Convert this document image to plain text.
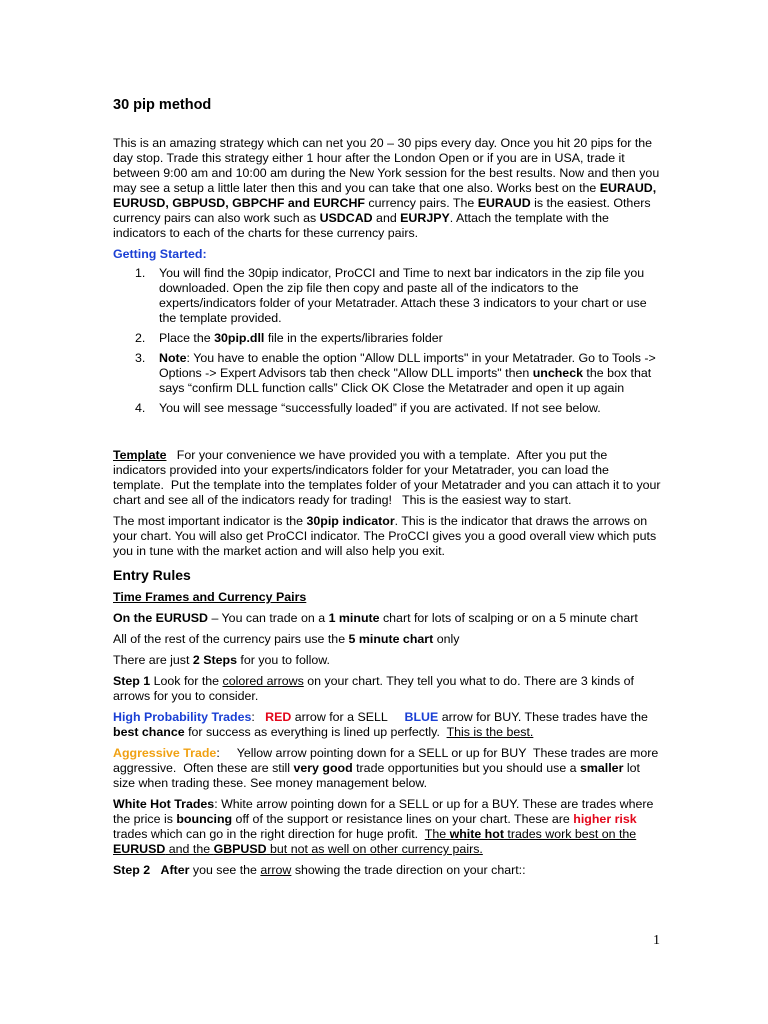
30 pip method

This is an amazing strategy which can net you 20 – 30 pips every day. Once you hit 20 pips for the day stop. Trade this strategy either 1 hour after the London Open or if you are in USA, trade it between 9:00 am and 10:00 am during the New York session for the best results. Now and then you may see a setup a little later then this and you can take that one also. Works best on the EURAUD, EURUSD, GBPUSD, GBPCHF and EURCHF currency pairs. The EURAUD is the easiest. Others currency pairs can also work such as USDCAD and EURJPY. Attach the template with the indicators to each of the charts for these currency pairs.

Getting Started:
1. You will find the 30pip indicator, ProCCI and Time to next bar indicators in the zip file you downloaded. Open the zip file then copy and paste all of the indicators to the experts/indicators folder of your Metatrader. Attach these 3 indicators to your chart or use the template provided.
2. Place the 30pip.dll file in the experts/libraries folder
3. Note: You have to enable the option "Allow DLL imports" in your Metatrader. Go to Tools -> Options -> Expert Advisors tab then check "Allow DLL imports" then uncheck the box that says “confirm DLL function calls” Click OK Close the Metatrader and open it up again
4. You will see message “successfully loaded” if you are activated. If not see below.

Template   For your convenience we have provided you with a template.  After you put the indicators provided into your experts/indicators folder for your Metatrader, you can load the template.  Put the template into the templates folder of your Metatrader and you can attach it to your chart and see all of the indicators ready for trading!   This is the easiest way to start.

The most important indicator is the 30pip indicator. This is the indicator that draws the arrows on your chart. You will also get ProCCI indicator. The ProCCI gives you a good overall view which puts you in tune with the market action and will also help you exit.

Entry Rules
Time Frames and Currency Pairs
On the EURUSD – You can trade on a 1 minute chart for lots of scalping or on a 5 minute chart
All of the rest of the currency pairs use the 5 minute chart only
There are just 2 Steps for you to follow.

Step 1 Look for the colored arrows on your chart. They tell you what to do. There are 3 kinds of arrows for you to consider.

High Probability Trades:   RED arrow for a SELL     BLUE arrow for BUY. These trades have the best chance for success as everything is lined up perfectly.  This is the best.

Aggressive Trade:     Yellow arrow pointing down for a SELL or up for BUY  These trades are more aggressive.  Often these are still very good trade opportunities but you should use a smaller lot size when trading these. See money management below.

White Hot Trades: White arrow pointing down for a SELL or up for a BUY. These are trades where the price is bouncing off of the support or resistance lines on your chart. These are higher risk trades which can go in the right direction for huge profit.  The white hot trades work best on the EURUSD and the GBPUSD but not as well on other currency pairs.

Step 2 After you see the arrow showing the trade direction on your chart::

1
